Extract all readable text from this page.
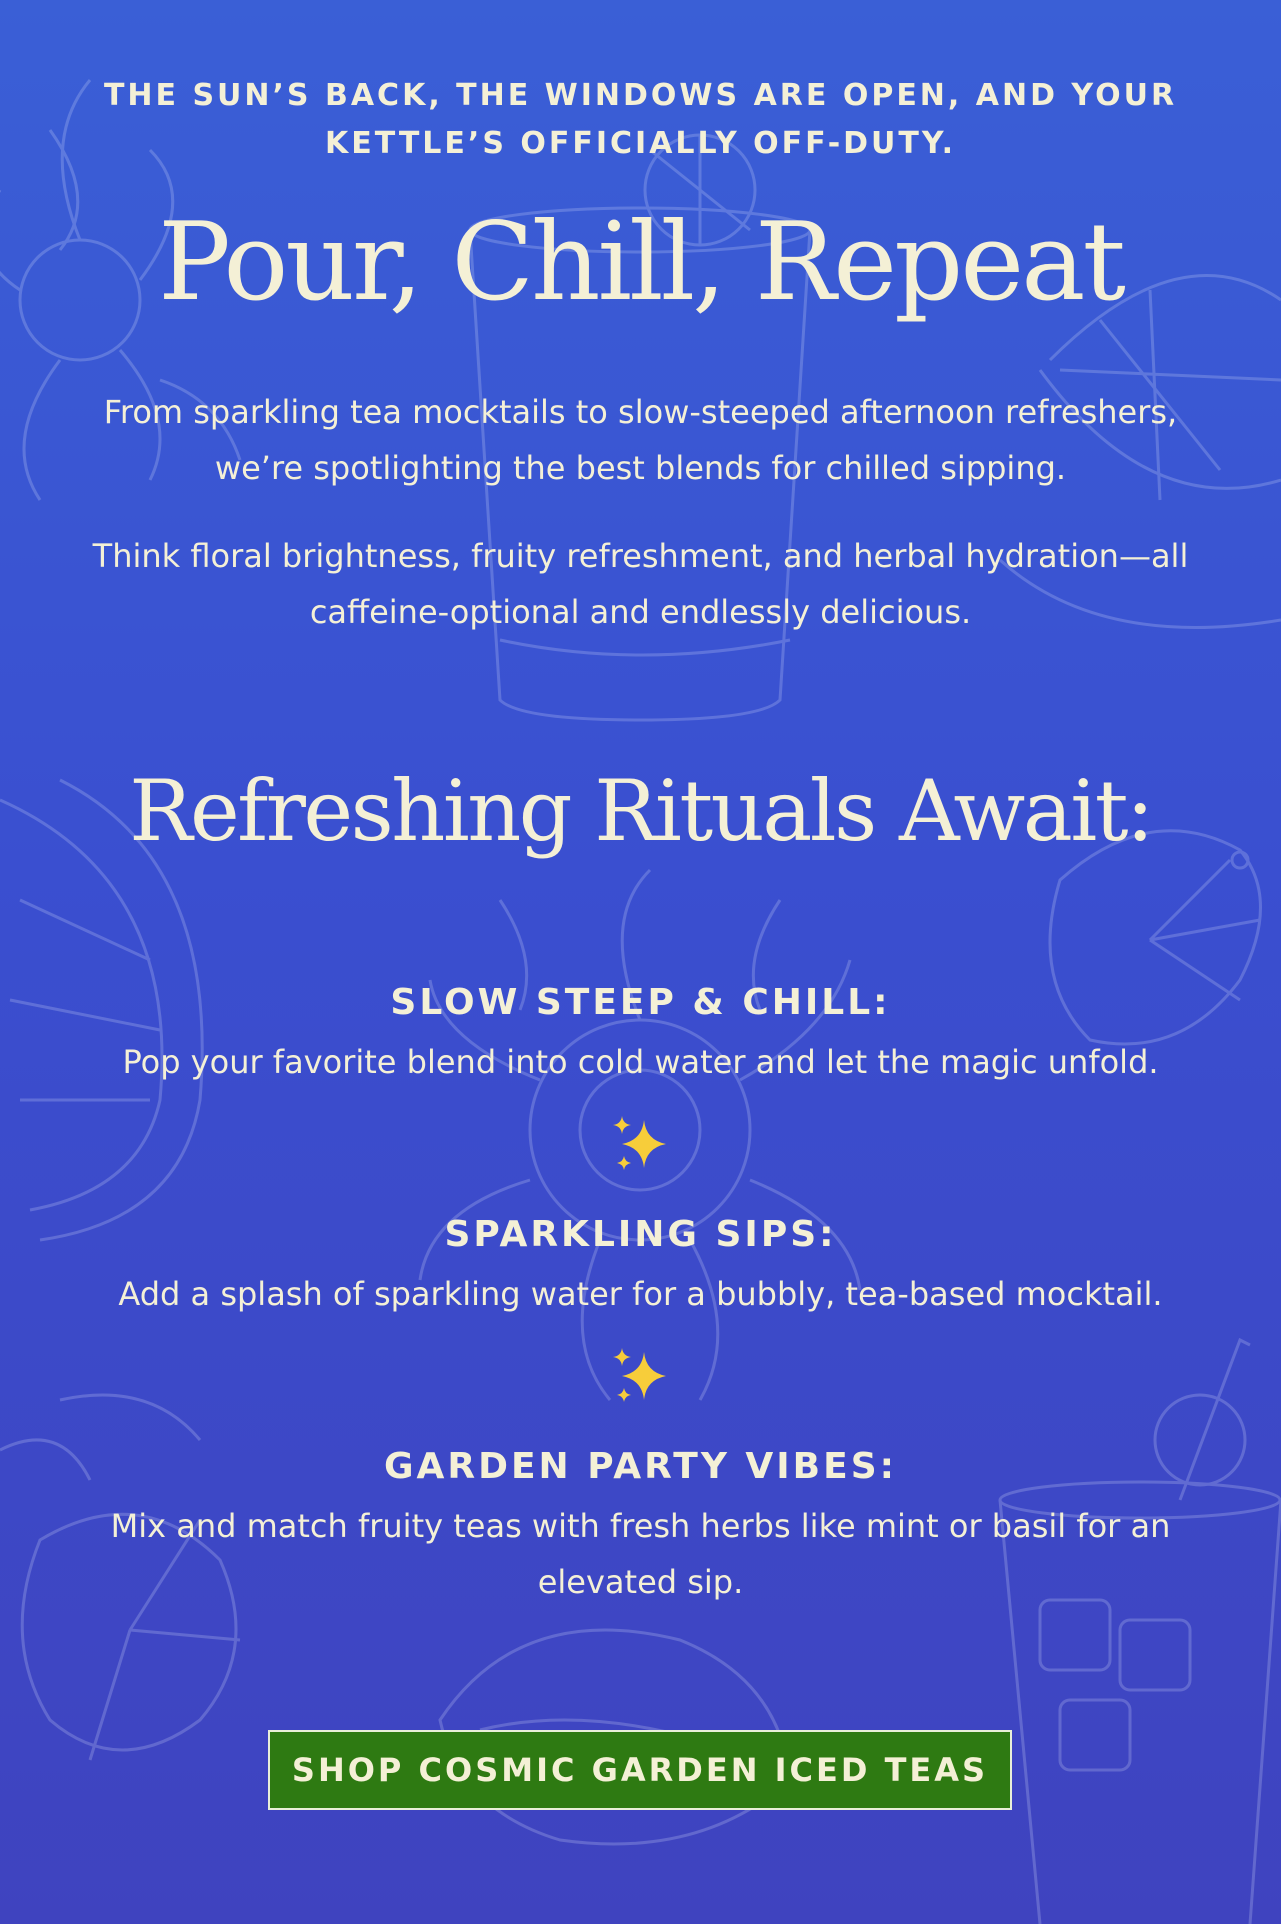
THE SUN’S BACK, THE WINDOWS ARE OPEN, AND YOUR KETTLE’S OFFICIALLY OFF-DUTY.
Pour, Chill, Repeat
From sparkling tea mocktails to slow-steeped afternoon refreshers, we’re spotlighting the best blends for chilled sipping.
Think floral brightness, fruity refreshment, and herbal hydration—all caffeine-optional and endlessly delicious.
Refreshing Rituals Await:
SLOW STEEP & CHILL:
Pop your favorite blend into cold water and let the magic unfold.
SPARKLING SIPS:
Add a splash of sparkling water for a bubbly, tea-based mocktail.
GARDEN PARTY VIBES:
Mix and match fruity teas with fresh herbs like mint or basil for an elevated sip.
SHOP COSMIC GARDEN ICED TEAS
